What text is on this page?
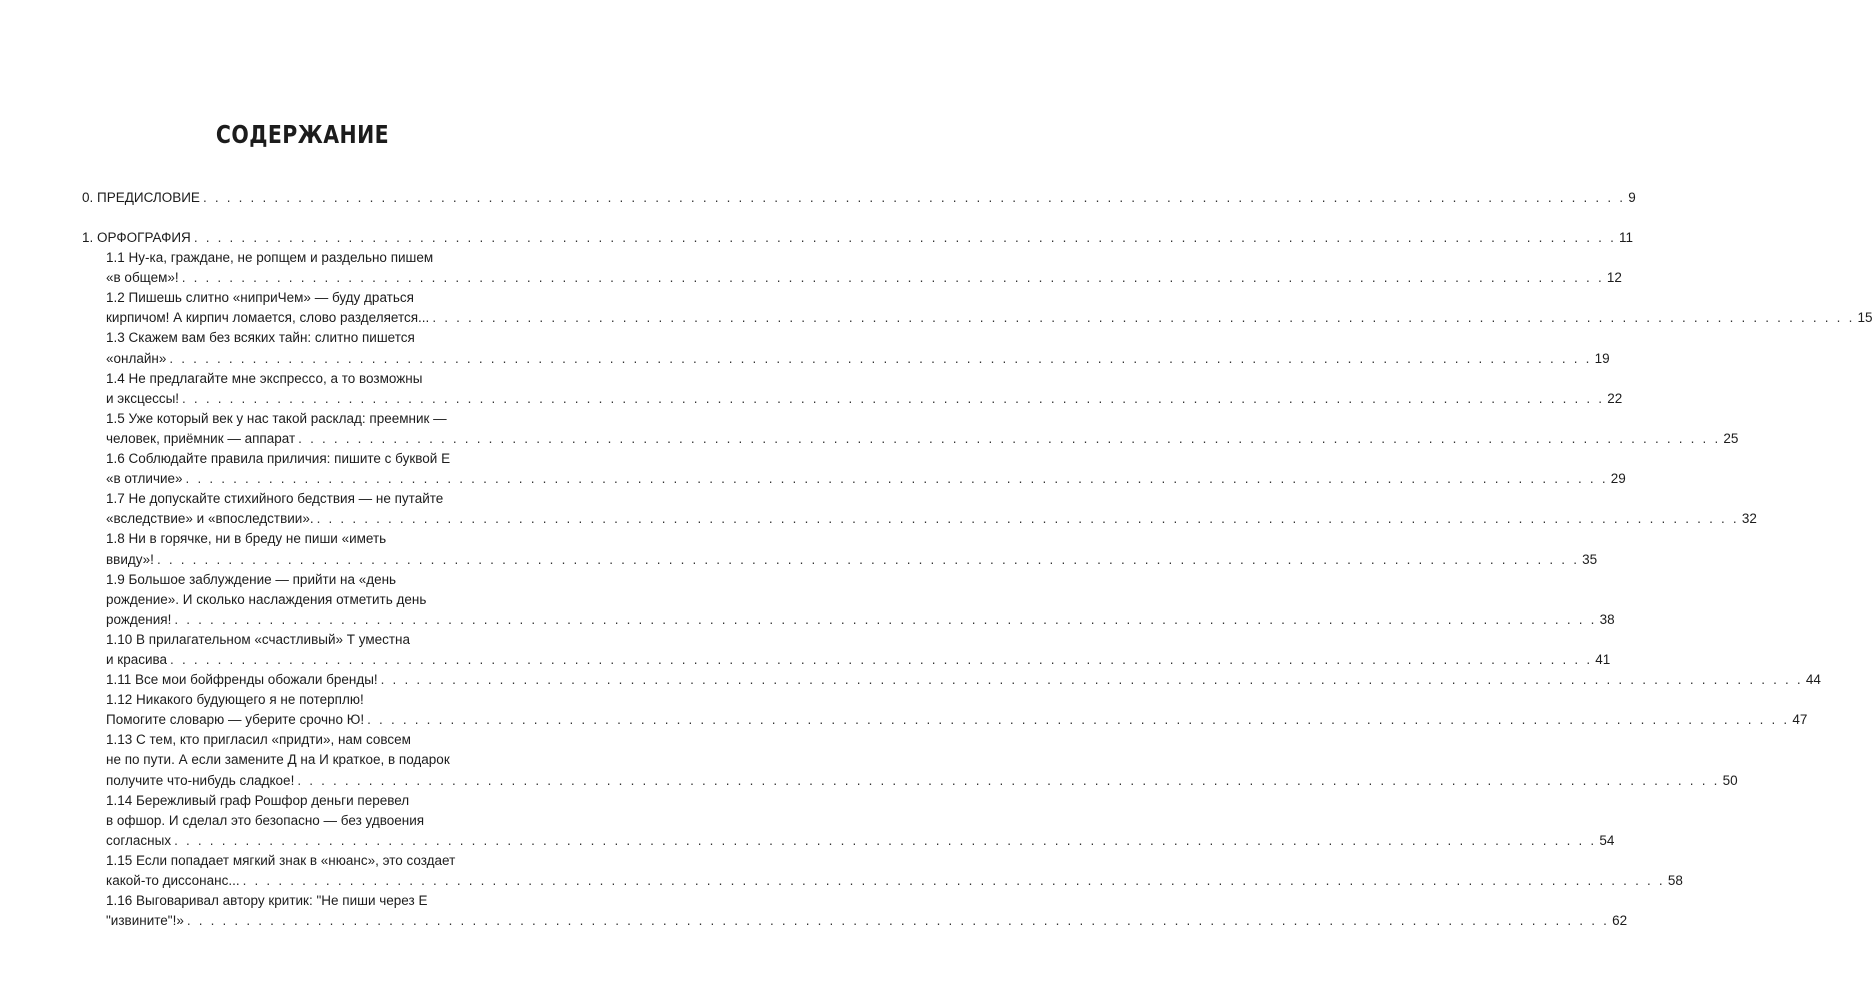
СОДЕРЖАНИЕ
0. ПРЕДИСЛОВИЕ . . . . . . . . . . . . . . . . . . . . . . . . . . . . . . . . . . . . . . . . . . . . . . . . . . . . . . . . . . . . . . . . . . . . . . . . . . . . . . . . . . . . . . . . . . . . . . . . . . . . . . . . . . . . . . . . . . . . . . . . 9
1. ОРФОГРАФИЯ . . . . . . . . . . . . . . . . . . . . . . . . . . . . . . . . . . . . . . . . . . . . . . . . . . . . . . . . . . . . . . . . . . . . . . . . . . . . . . . . . . . . . . . . . . . . . . . . . . . . . . . . . . . . . . . . . . . . . . . . 11
1.1 Ну-ка, граждане, не ропщем и раздельно пишем
«в общем»! . . . . . . . . . . . . . . . . . . . . . . . . . . . . . . . . . . . . . . . . . . . . . . . . . . . . . . . . . . . . . . . . . . . . . . . . . . . . . . . . . . . . . . . . . . . . . . . . . . . . . . . . . . . . . . . . . . . . . . . . 12
1.2 Пишешь слитно «ниприЧем» — буду драться
кирпичом! А кирпич ломается, слово разделяется... . . . . . . . . . . . . . . . . . . . . . . . . . . . . . . . . . . . . . . . . . . . . . . . . . . . . . . . . . . . . . . . . . . . . . . . . . . . . . . . . . . . . . . . . . . . . . . . . . . . . . . . . . . . . . . . . . . . . . . . . 15
1.3 Скажем вам без всяких тайн: слитно пишется
«онлайн» . . . . . . . . . . . . . . . . . . . . . . . . . . . . . . . . . . . . . . . . . . . . . . . . . . . . . . . . . . . . . . . . . . . . . . . . . . . . . . . . . . . . . . . . . . . . . . . . . . . . . . . . . . . . . . . . . . . . . . . . 19
1.4 Не предлагайте мне экспрессо, а то возможны
и эксцессы! . . . . . . . . . . . . . . . . . . . . . . . . . . . . . . . . . . . . . . . . . . . . . . . . . . . . . . . . . . . . . . . . . . . . . . . . . . . . . . . . . . . . . . . . . . . . . . . . . . . . . . . . . . . . . . . . . . . . . . . . 22
1.5 Уже который век у нас такой расклад: преемник —
человек, приёмник — аппарат . . . . . . . . . . . . . . . . . . . . . . . . . . . . . . . . . . . . . . . . . . . . . . . . . . . . . . . . . . . . . . . . . . . . . . . . . . . . . . . . . . . . . . . . . . . . . . . . . . . . . . . . . . . . . . . . . . . . . . . . 25
1.6 Соблюдайте правила приличия: пишите с буквой Е
«в отличие» . . . . . . . . . . . . . . . . . . . . . . . . . . . . . . . . . . . . . . . . . . . . . . . . . . . . . . . . . . . . . . . . . . . . . . . . . . . . . . . . . . . . . . . . . . . . . . . . . . . . . . . . . . . . . . . . . . . . . . . . 29
1.7 Не допускайте стихийного бедствия — не путайте
«вследствие» и «впоследствии». . . . . . . . . . . . . . . . . . . . . . . . . . . . . . . . . . . . . . . . . . . . . . . . . . . . . . . . . . . . . . . . . . . . . . . . . . . . . . . . . . . . . . . . . . . . . . . . . . . . . . . . . . . . . . . . . . . . . . . . . 32
1.8 Ни в горячке, ни в бреду не пиши «иметь
ввиду»! . . . . . . . . . . . . . . . . . . . . . . . . . . . . . . . . . . . . . . . . . . . . . . . . . . . . . . . . . . . . . . . . . . . . . . . . . . . . . . . . . . . . . . . . . . . . . . . . . . . . . . . . . . . . . . . . . . . . . . . . 35
1.9 Большое заблуждение — прийти на «день
рождение». И сколько наслаждения отметить день
рождения! . . . . . . . . . . . . . . . . . . . . . . . . . . . . . . . . . . . . . . . . . . . . . . . . . . . . . . . . . . . . . . . . . . . . . . . . . . . . . . . . . . . . . . . . . . . . . . . . . . . . . . . . . . . . . . . . . . . . . . . . 38
1.10 В прилагательном «счастливый» Т уместна
и красива . . . . . . . . . . . . . . . . . . . . . . . . . . . . . . . . . . . . . . . . . . . . . . . . . . . . . . . . . . . . . . . . . . . . . . . . . . . . . . . . . . . . . . . . . . . . . . . . . . . . . . . . . . . . . . . . . . . . . . . . 41
1.11 Все мои бойфренды обожали бренды! . . . . . . . . . . . . . . . . . . . . . . . . . . . . . . . . . . . . . . . . . . . . . . . . . . . . . . . . . . . . . . . . . . . . . . . . . . . . . . . . . . . . . . . . . . . . . . . . . . . . . . . . . . . . . . . . . . . . . . . . 44
1.12 Никакого будующего я не потерплю!
Помогите словарю — уберите срочно Ю! . . . . . . . . . . . . . . . . . . . . . . . . . . . . . . . . . . . . . . . . . . . . . . . . . . . . . . . . . . . . . . . . . . . . . . . . . . . . . . . . . . . . . . . . . . . . . . . . . . . . . . . . . . . . . . . . . . . . . . . . 47
1.13 С тем, кто пригласил «придти», нам совсем
не по пути. А если замените Д на И краткое, в подарок
получите что-нибудь сладкое! . . . . . . . . . . . . . . . . . . . . . . . . . . . . . . . . . . . . . . . . . . . . . . . . . . . . . . . . . . . . . . . . . . . . . . . . . . . . . . . . . . . . . . . . . . . . . . . . . . . . . . . . . . . . . . . . . . . . . . . . 50
1.14 Бережливый граф Рошфор деньги перевел
в офшор. И сделал это безопасно — без удвоения
согласных . . . . . . . . . . . . . . . . . . . . . . . . . . . . . . . . . . . . . . . . . . . . . . . . . . . . . . . . . . . . . . . . . . . . . . . . . . . . . . . . . . . . . . . . . . . . . . . . . . . . . . . . . . . . . . . . . . . . . . . . 54
1.15 Если попадает мягкий знак в «нюанс», это создает
какой-то диссонанс... . . . . . . . . . . . . . . . . . . . . . . . . . . . . . . . . . . . . . . . . . . . . . . . . . . . . . . . . . . . . . . . . . . . . . . . . . . . . . . . . . . . . . . . . . . . . . . . . . . . . . . . . . . . . . . . . . . . . . . . . 58
1.16 Выговаривал автору критик: "Не пиши через Е
"извините"!» . . . . . . . . . . . . . . . . . . . . . . . . . . . . . . . . . . . . . . . . . . . . . . . . . . . . . . . . . . . . . . . . . . . . . . . . . . . . . . . . . . . . . . . . . . . . . . . . . . . . . . . . . . . . . . . . . . . . . . . . 62
